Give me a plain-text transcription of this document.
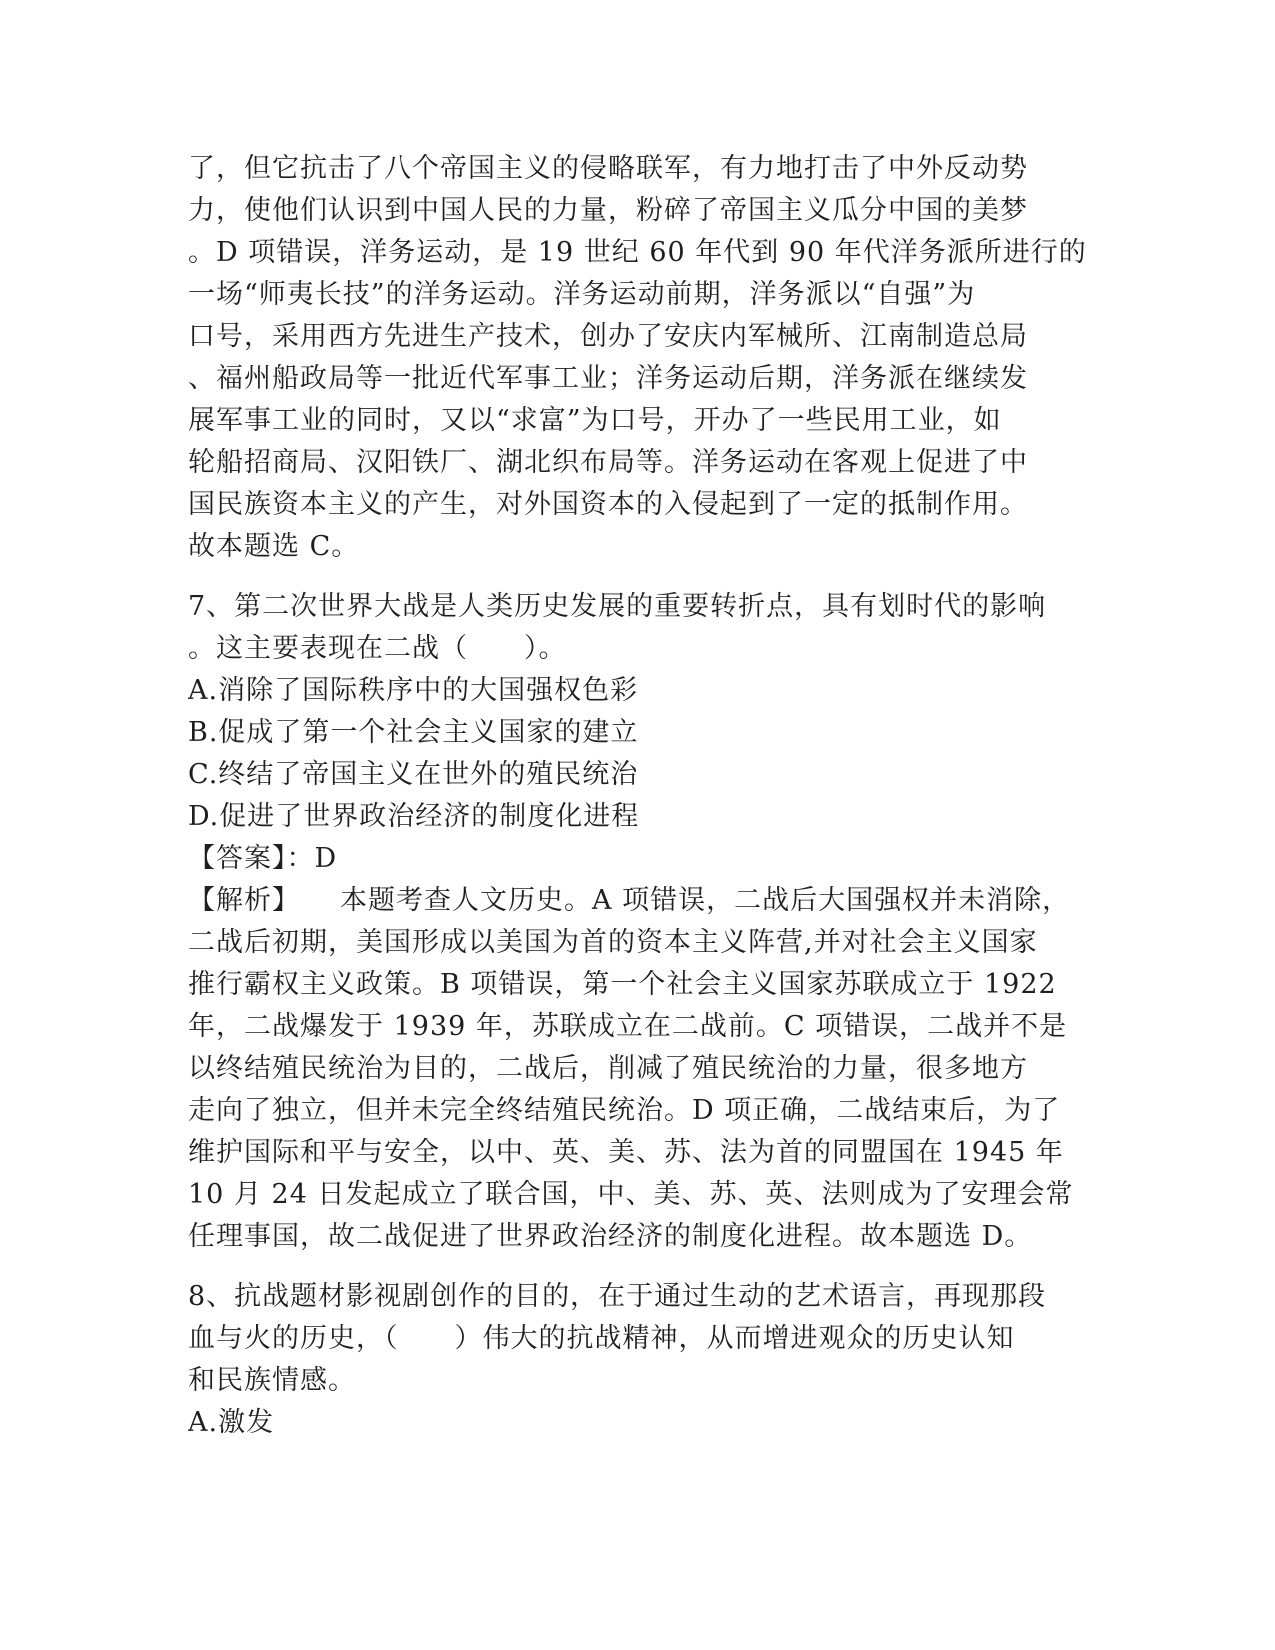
了，但它抗击了八个帝国主义的侵略联军，有力地打击了中外反动势
力，使他们认识到中国人民的力量，粉碎了帝国主义瓜分中国的美梦
。D 项错误，洋务运动，是 19 世纪 60 年代到 90 年代洋务派所进行的
一场“师夷长技”的洋务运动。洋务运动前期，洋务派以“自强”为
口号，采用西方先进生产技术，创办了安庆内军械所、江南制造总局
、福州船政局等一批近代军事工业；洋务运动后期，洋务派在继续发
展军事工业的同时，又以“求富”为口号，开办了一些民用工业，如
轮船招商局、汉阳铁厂、湖北织布局等。洋务运动在客观上促进了中
国民族资本主义的产生，对外国资本的入侵起到了一定的抵制作用。
故本题选 C。
7、第二次世界大战是人类历史发展的重要转折点，具有划时代的影响
。这主要表现在二战（　　）。
A.消除了国际秩序中的大国强权色彩
B.促成了第一个社会主义国家的建立
C.终结了帝国主义在世外的殖民统治
D.促进了世界政治经济的制度化进程
【答案】：D
【解析】 本题考查人文历史。A 项错误，二战后大国强权并未消除，
二战后初期，美国形成以美国为首的资本主义阵营,并对社会主义国家
推行霸权主义政策。B 项错误，第一个社会主义国家苏联成立于 1922
年，二战爆发于 1939 年，苏联成立在二战前。C 项错误，二战并不是
以终结殖民统治为目的，二战后，削减了殖民统治的力量，很多地方
走向了独立，但并未完全终结殖民统治。D 项正确，二战结束后，为了
维护国际和平与安全，以中、英、美、苏、法为首的同盟国在 1945 年
10 月 24 日发起成立了联合国，中、美、苏、英、法则成为了安理会常
任理事国，故二战促进了世界政治经济的制度化进程。故本题选 D。
8、抗战题材影视剧创作的目的，在于通过生动的艺术语言，再现那段
血与火的历史，（　　）伟大的抗战精神，从而增进观众的历史认知
和民族情感。
A.激发
